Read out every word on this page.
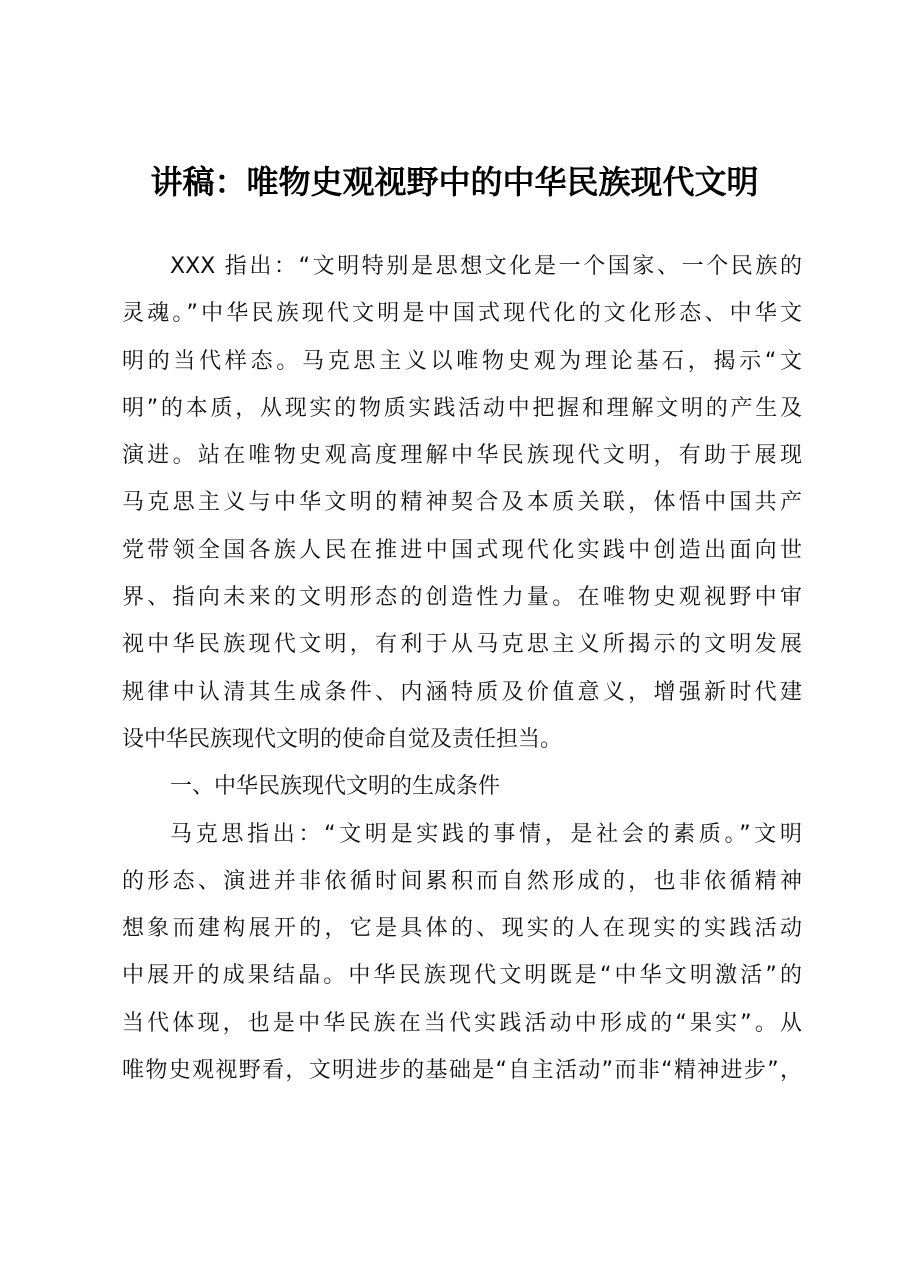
讲稿：唯物史观视野中的中华民族现代文明
XXX 指出：“文明特别是思想文化是一个国家、一个民族的
灵魂。”中华民族现代文明是中国式现代化的文化形态、中华文
明的当代样态。马克思主义以唯物史观为理论基石，揭示“文
明”的本质，从现实的物质实践活动中把握和理解文明的产生及
演进。站在唯物史观高度理解中华民族现代文明，有助于展现
马克思主义与中华文明的精神契合及本质关联，体悟中国共产
党带领全国各族人民在推进中国式现代化实践中创造出面向世
界、指向未来的文明形态的创造性力量。在唯物史观视野中审
视中华民族现代文明，有利于从马克思主义所揭示的文明发展
规律中认清其生成条件、内涵特质及价值意义，增强新时代建
设中华民族现代文明的使命自觉及责任担当。
一、中华民族现代文明的生成条件
马克思指出：“文明是实践的事情，是社会的素质。”文明
的形态、演进并非依循时间累积而自然形成的，也非依循精神
想象而建构展开的，它是具体的、现实的人在现实的实践活动
中展开的成果结晶。中华民族现代文明既是“中华文明激活”的
当代体现，也是中华民族在当代实践活动中形成的“果实”。从
唯物史观视野看，文明进步的基础是“自主活动”而非“精神进步”，
